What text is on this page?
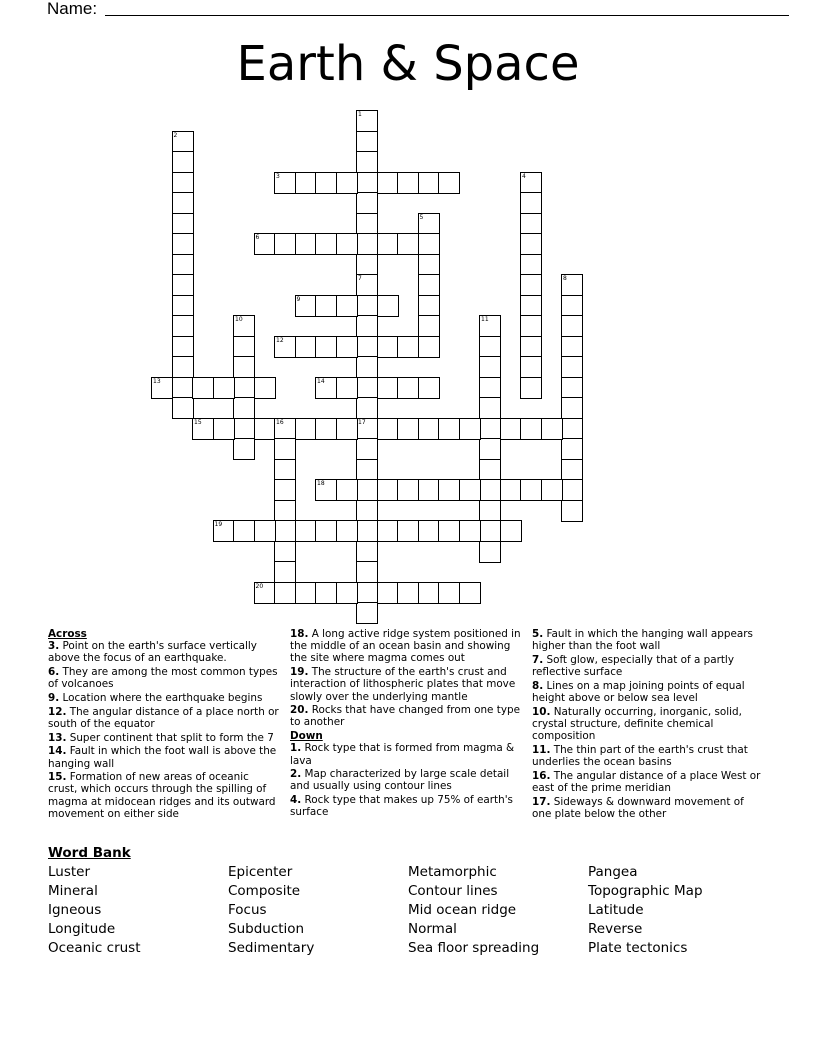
Name:
Earth & Space
1
7
17
2
3	4
5
6
8
9
10	11
12
13	14
15	16
18
19
20
Across
3. Point on the earth's surface vertically above the focus of an earthquake.
6. They are among the most common types of volcanoes
9. Location where the earthquake begins
12. The angular distance of a place north or south of the equator
13. Super continent that split to form the 7
14. Fault in which the foot wall is above the hanging wall
15. Formation of new areas of oceanic crust, which occurs through the spilling of magma at midocean ridges and its outward movement on either side
18. A long active ridge system positioned in the middle of an ocean basin and showing the site where magma comes out
19. The structure of the earth's crust and interaction of lithospheric plates that move slowly over the underlying mantle
20. Rocks that have changed from one type to another
Down
1. Rock type that is formed from magma & lava
2. Map characterized by large scale detail and usually using contour lines
4. Rock type that makes up 75% of earth's surface
5. Fault in which the hanging wall appears higher than the foot wall
7. Soft glow, especially that of a partly reflective surface
8. Lines on a map joining points of equal height above or below sea level
10. Naturally occurring, inorganic, solid, crystal structure, definite chemical composition
11. The thin part of the earth's crust that underlies the ocean basins
16. The angular distance of a place West or east of the prime meridian
17. Sideways & downward movement of one plate below the other
Word Bank
Luster
Mineral
Igneous
Longitude
Oceanic crust
Epicenter
Composite
Focus
Subduction
Sedimentary
Metamorphic
Contour lines
Mid ocean ridge
Normal
Sea floor spreading
Pangea
Topographic Map
Latitude
Reverse
Plate tectonics
